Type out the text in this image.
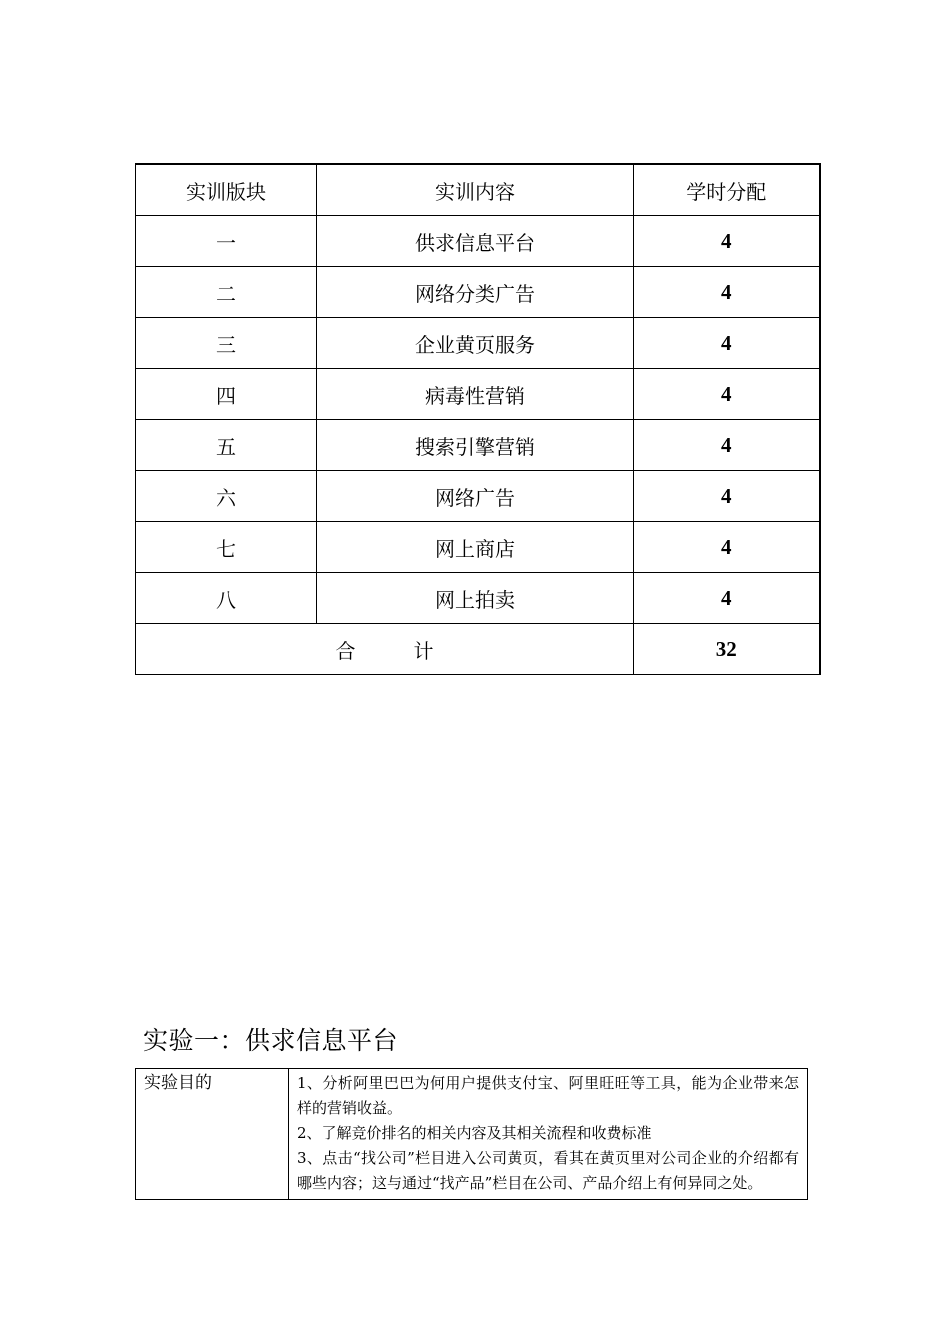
实训版块	实训内容	学时分配
一	供求信息平台	4
二	网络分类广告	4
三	企业黄页服务	4
四	病毒性营销	4
五	搜索引擎营销	4
六	网络广告	4
七	网上商店	4
八	网上拍卖	4
合 计		32
实验一：供求信息平台
实验目的	1、分析阿里巴巴为何用户提供支付宝、阿里旺旺等工具，能为企业带来怎样的营销收益。

2、了解竞价排名的相关内容及其相关流程和收费标准

3、点击“找公司”栏目进入公司黄页，看其在黄页里对公司企业的介绍都有哪些内容；这与通过“找产品”栏目在公司、产品介绍上有何异同之处。
